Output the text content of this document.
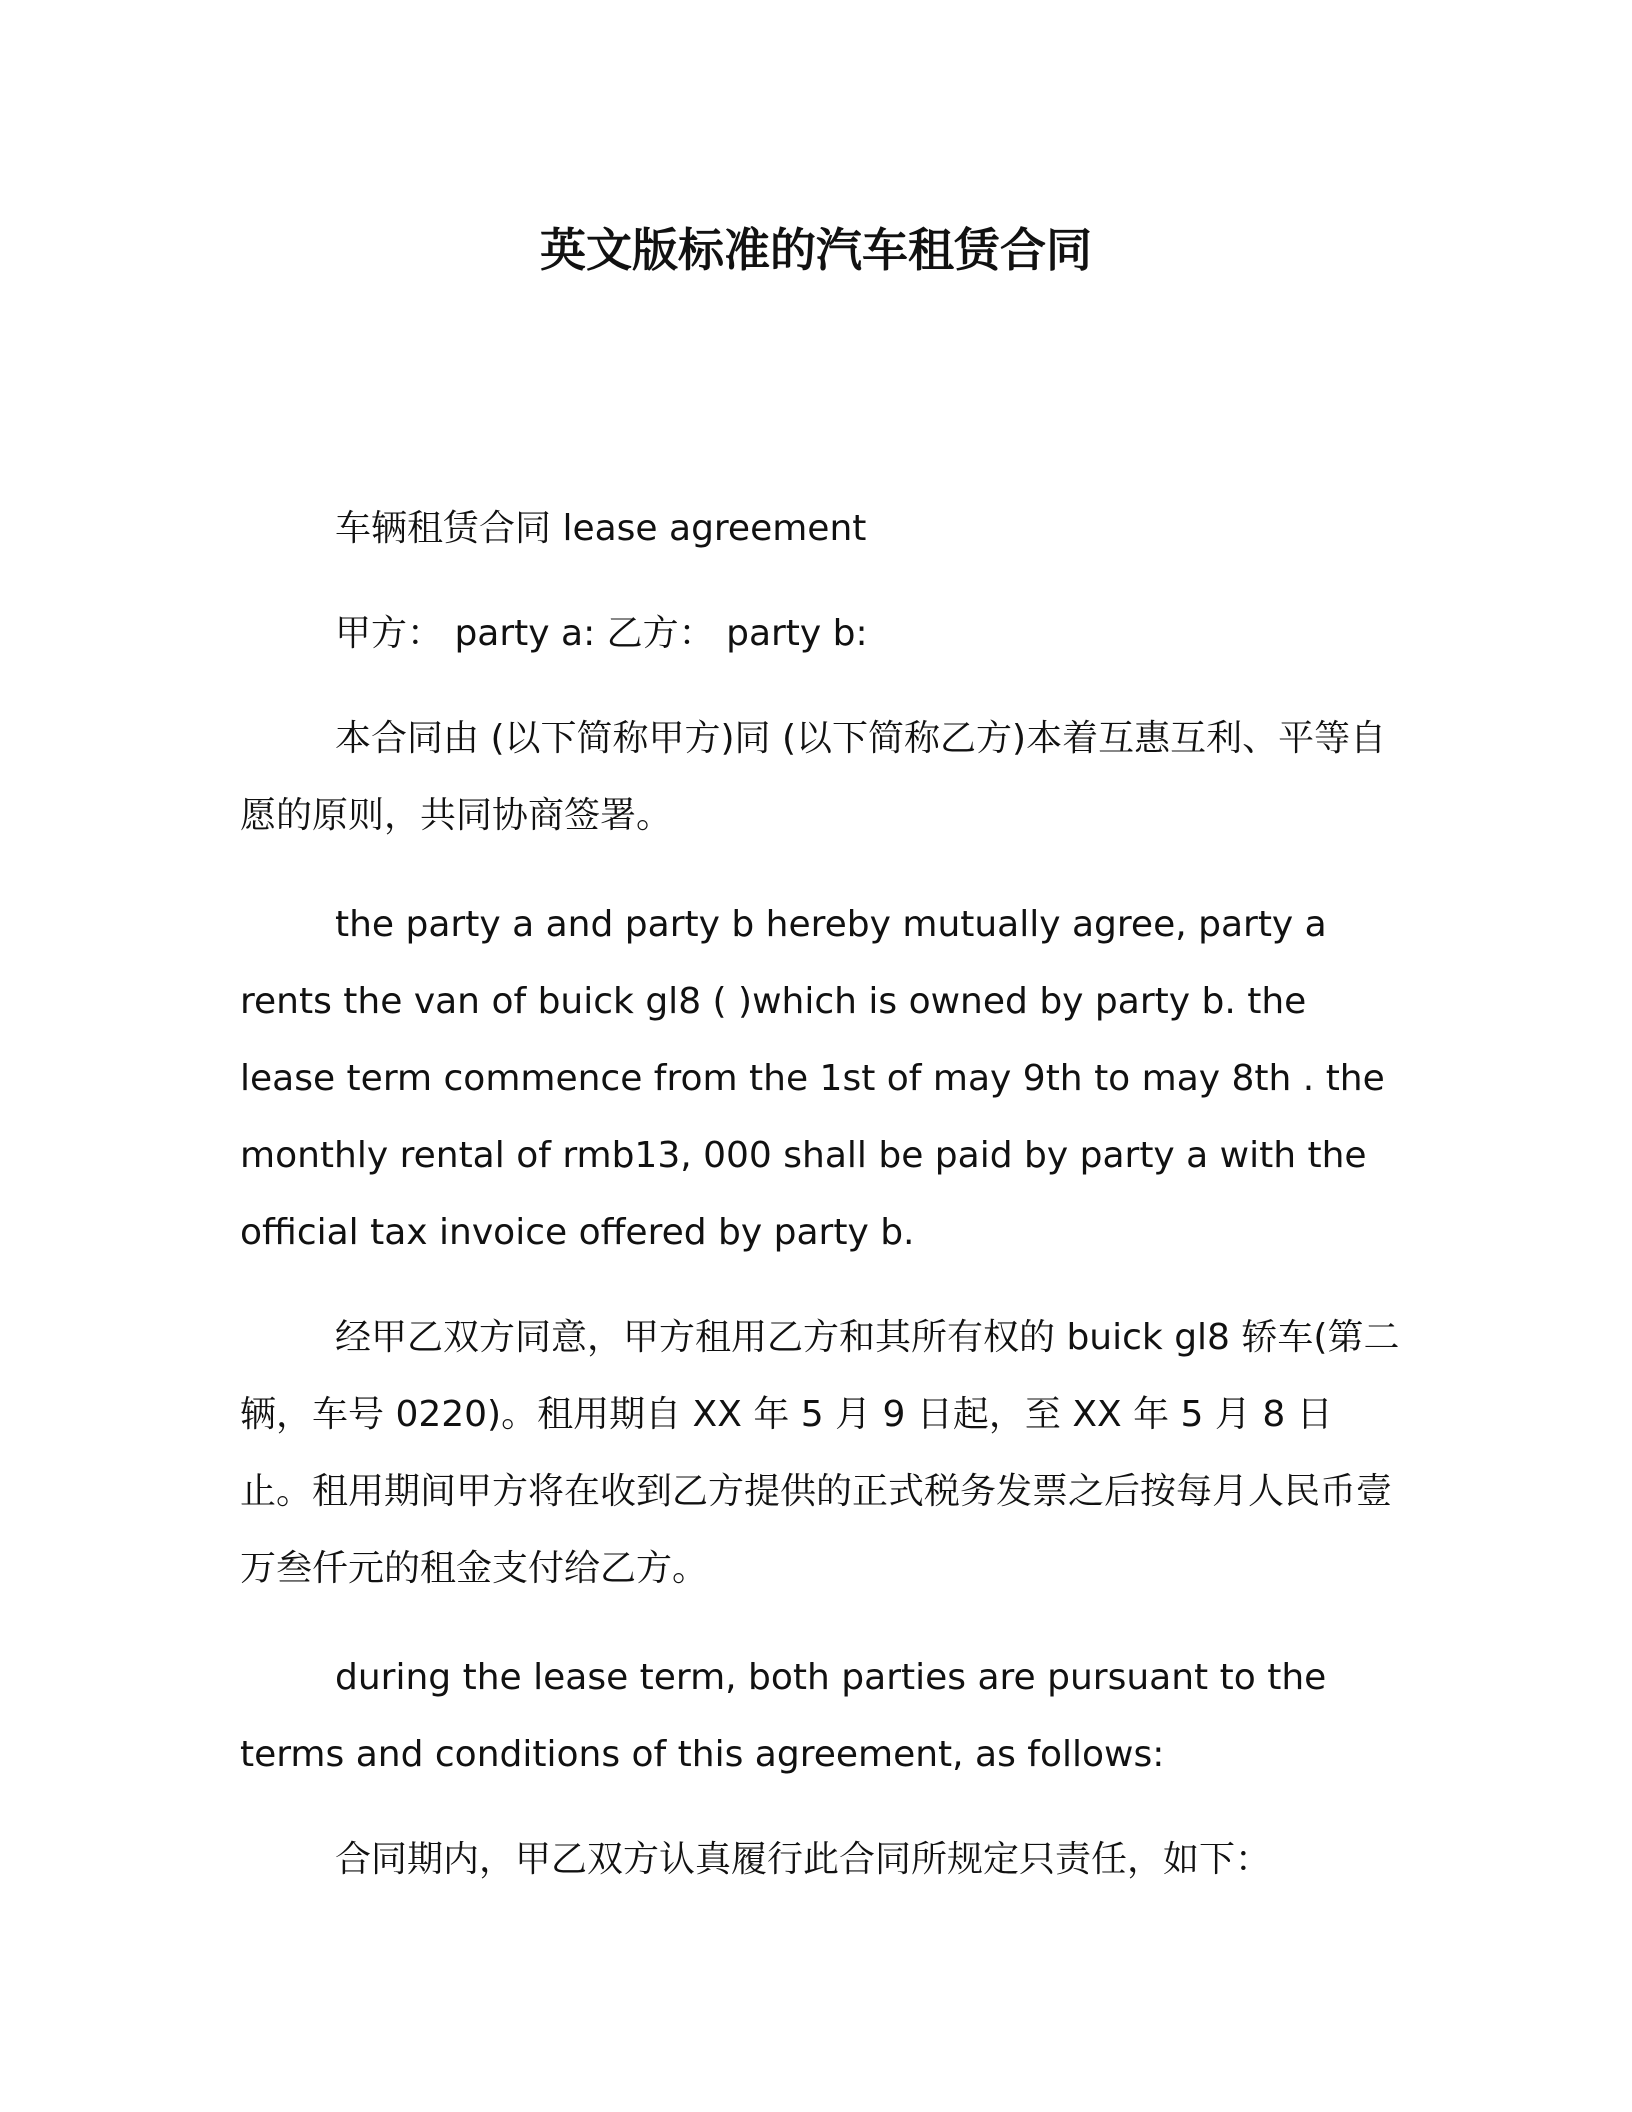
英文版标准的汽车租赁合同

车辆租赁合同 lease agreement

甲方： party a: 乙方： party b:

本合同由 (以下简称甲方)同 (以下简称乙方)本着互惠互利、平等自愿的原则，共同协商签署。

the party a and party b hereby mutually agree, party a rents the van of buick gl8 ( )which is owned by party b. the lease term commence from the 1st of may 9th to may 8th . the monthly rental of rmb13, 000 shall be paid by party a with the official tax invoice offered by party b.

经甲乙双方同意，甲方租用乙方和其所有权的 buick gl8 轿车(第二辆，车号 0220)。租用期自 XX 年 5 月 9 日起，至 XX 年 5 月 8 日止。租用期间甲方将在收到乙方提供的正式税务发票之后按每月人民币壹万叁仟元的租金支付给乙方。

during the lease term, both parties are pursuant to the terms and conditions of this agreement, as follows:

合同期内，甲乙双方认真履行此合同所规定只责任，如下：
